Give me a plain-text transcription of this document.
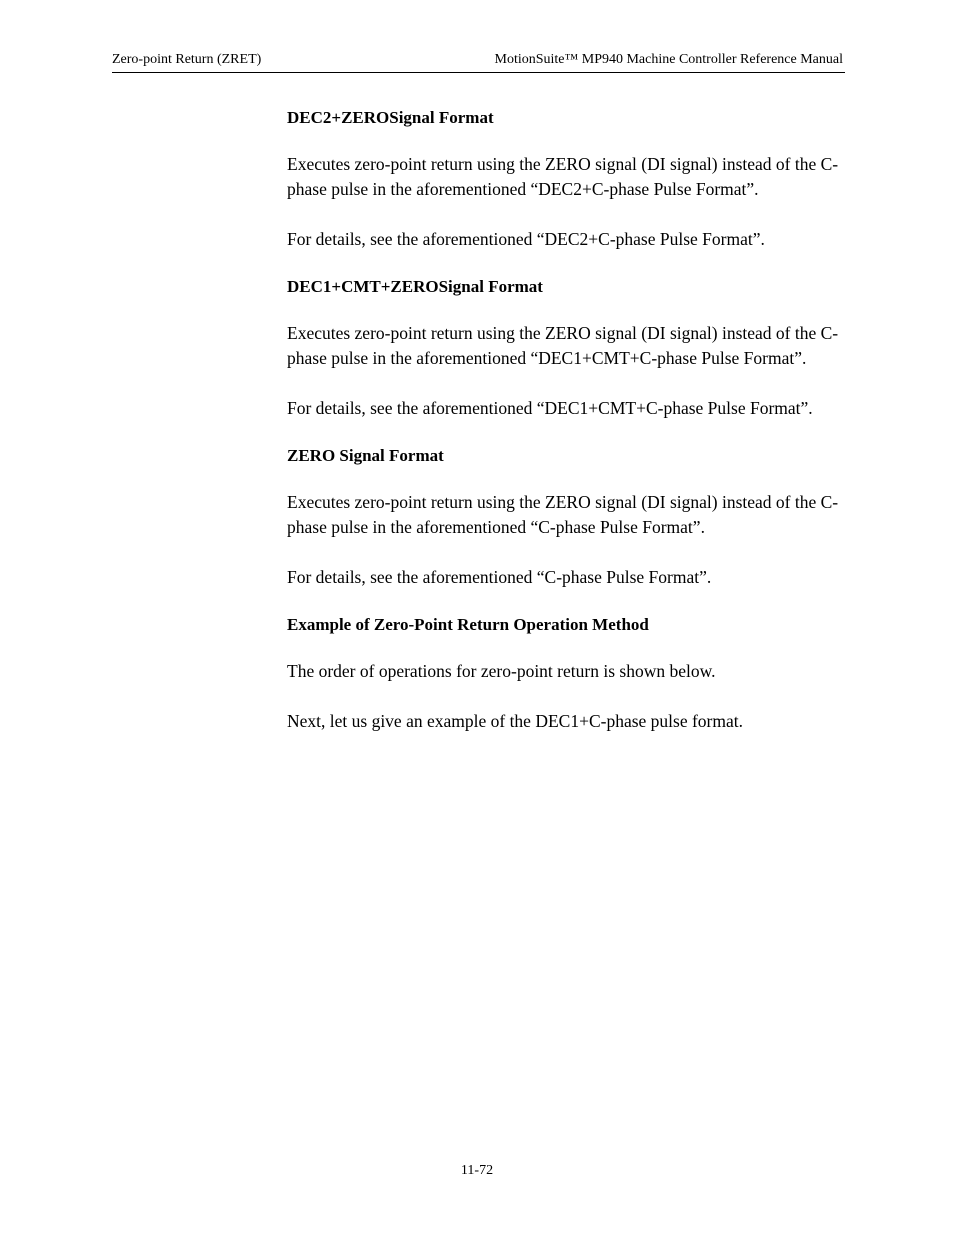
Zero-point Return (ZRET)	MotionSuite™ MP940 Machine Controller Reference Manual

DEC2+ZEROSignal Format

Executes zero-point return using the ZERO signal (DI signal) instead of the C-phase pulse in the aforementioned “DEC2+C-phase Pulse Format”.

For details, see the aforementioned “DEC2+C-phase Pulse Format”.

DEC1+CMT+ZEROSignal Format

Executes zero-point return using the ZERO signal (DI signal) instead of the C-phase pulse in the aforementioned “DEC1+CMT+C-phase Pulse Format”.

For details, see the aforementioned “DEC1+CMT+C-phase Pulse Format”.

ZERO Signal Format

Executes zero-point return using the ZERO signal (DI signal) instead of the C-phase pulse in the aforementioned “C-phase Pulse Format”.

For details, see the aforementioned “C-phase Pulse Format”.

Example of Zero-Point Return Operation Method

The order of operations for zero-point return is shown below.

Next, let us give an example of the DEC1+C-phase pulse format.

11-72
